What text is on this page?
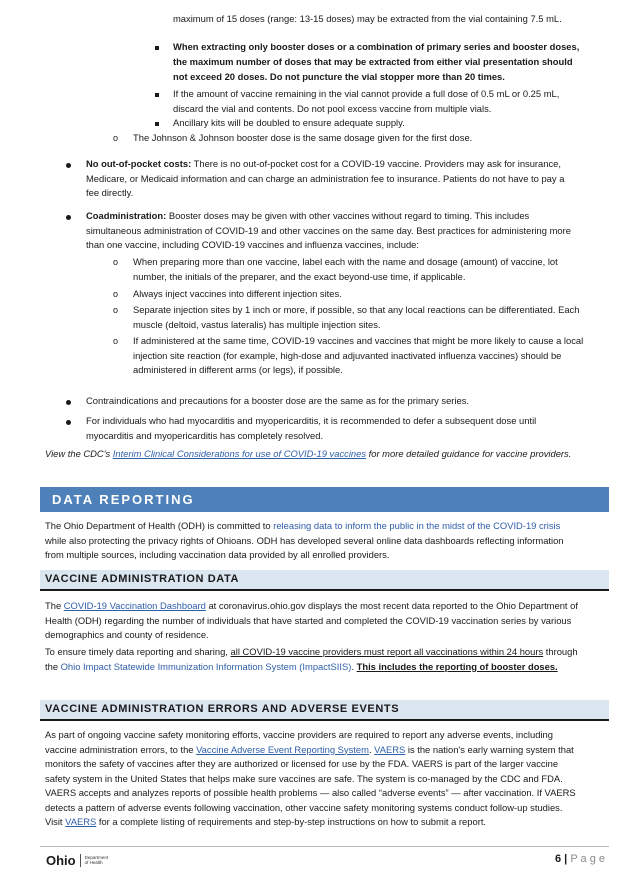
maximum of 15 doses (range: 13-15 doses) may be extracted from the vial containing 7.5 mL.
When extracting only booster doses or a combination of primary series and booster doses,
the maximum number of doses that may be extracted from either vial presentation should
not exceed 20 doses. Do not puncture the vial stopper more than 20 times.
If the amount of vaccine remaining in the vial cannot provide a full dose of 0.5 mL or 0.25 mL,
discard the vial and contents. Do not pool excess vaccine from multiple vials.
Ancillary kits will be doubled to ensure adequate supply.
o The Johnson & Johnson booster dose is the same dosage given for the first dose.
No out-of-pocket costs: There is no out-of-pocket cost for a COVID-19 vaccine. Providers may ask for insurance,
Medicare, or Medicaid information and can charge an administration fee to insurance. Patients do not have to pay a
fee directly.
Coadministration: Booster doses may be given with other vaccines without regard to timing. This includes
simultaneous administration of COVID-19 and other vaccines on the same day. Best practices for administering more
than one vaccine, including COVID-19 vaccines and influenza vaccines, include:
o When preparing more than one vaccine, label each with the name and dosage (amount) of vaccine, lot
number, the initials of the preparer, and the exact beyond-use time, if applicable.
o Always inject vaccines into different injection sites.
o Separate injection sites by 1 inch or more, if possible, so that any local reactions can be differentiated. Each
muscle (deltoid, vastus lateralis) has multiple injection sites.
o If administered at the same time, COVID-19 vaccines and vaccines that might be more likely to cause a local
injection site reaction (for example, high-dose and adjuvanted inactivated influenza vaccines) should be
administered in different arms (or legs), if possible.
Contraindications and precautions for a booster dose are the same as for the primary series.
For individuals who had myocarditis and myopericarditis, it is recommended to defer a subsequent dose until
myocarditis and myopericarditis has completely resolved.
View the CDC's Interim Clinical Considerations for use of COVID-19 vaccines for more detailed guidance for vaccine providers.
DATA REPORTING
The Ohio Department of Health (ODH) is committed to releasing data to inform the public in the midst of the COVID-19 crisis
while also protecting the privacy rights of Ohioans. ODH has developed several online data dashboards reflecting information
from multiple sources, including vaccination data provided by all enrolled providers.
VACCINE ADMINISTRATION DATA
The COVID-19 Vaccination Dashboard at coronavirus.ohio.gov displays the most recent data reported to the Ohio Department of
Health (ODH) regarding the number of individuals that have started and completed the COVID-19 vaccination series by various
demographics and county of residence.
To ensure timely data reporting and sharing, all COVID-19 vaccine providers must report all vaccinations within 24 hours through
the Ohio Impact Statewide Immunization Information System (ImpactSIIS). This includes the reporting of booster doses.
VACCINE ADMINISTRATION ERRORS AND ADVERSE EVENTS
As part of ongoing vaccine safety monitoring efforts, vaccine providers are required to report any adverse events, including
vaccine administration errors, to the Vaccine Adverse Event Reporting System. VAERS is the nation's early warning system that
monitors the safety of vaccines after they are authorized or licensed for use by the FDA. VAERS is part of the larger vaccine
safety system in the United States that helps make sure vaccines are safe. The system is co-managed by the CDC and FDA.
VAERS accepts and analyzes reports of possible health problems — also called “adverse events” — after vaccination. If VAERS
detects a pattern of adverse events following vaccination, other vaccine safety monitoring systems conduct follow-up studies.
Visit VAERS for a complete listing of requirements and step-by-step instructions on how to submit a report.
Ohio Department
of Health	6 | P a g e
